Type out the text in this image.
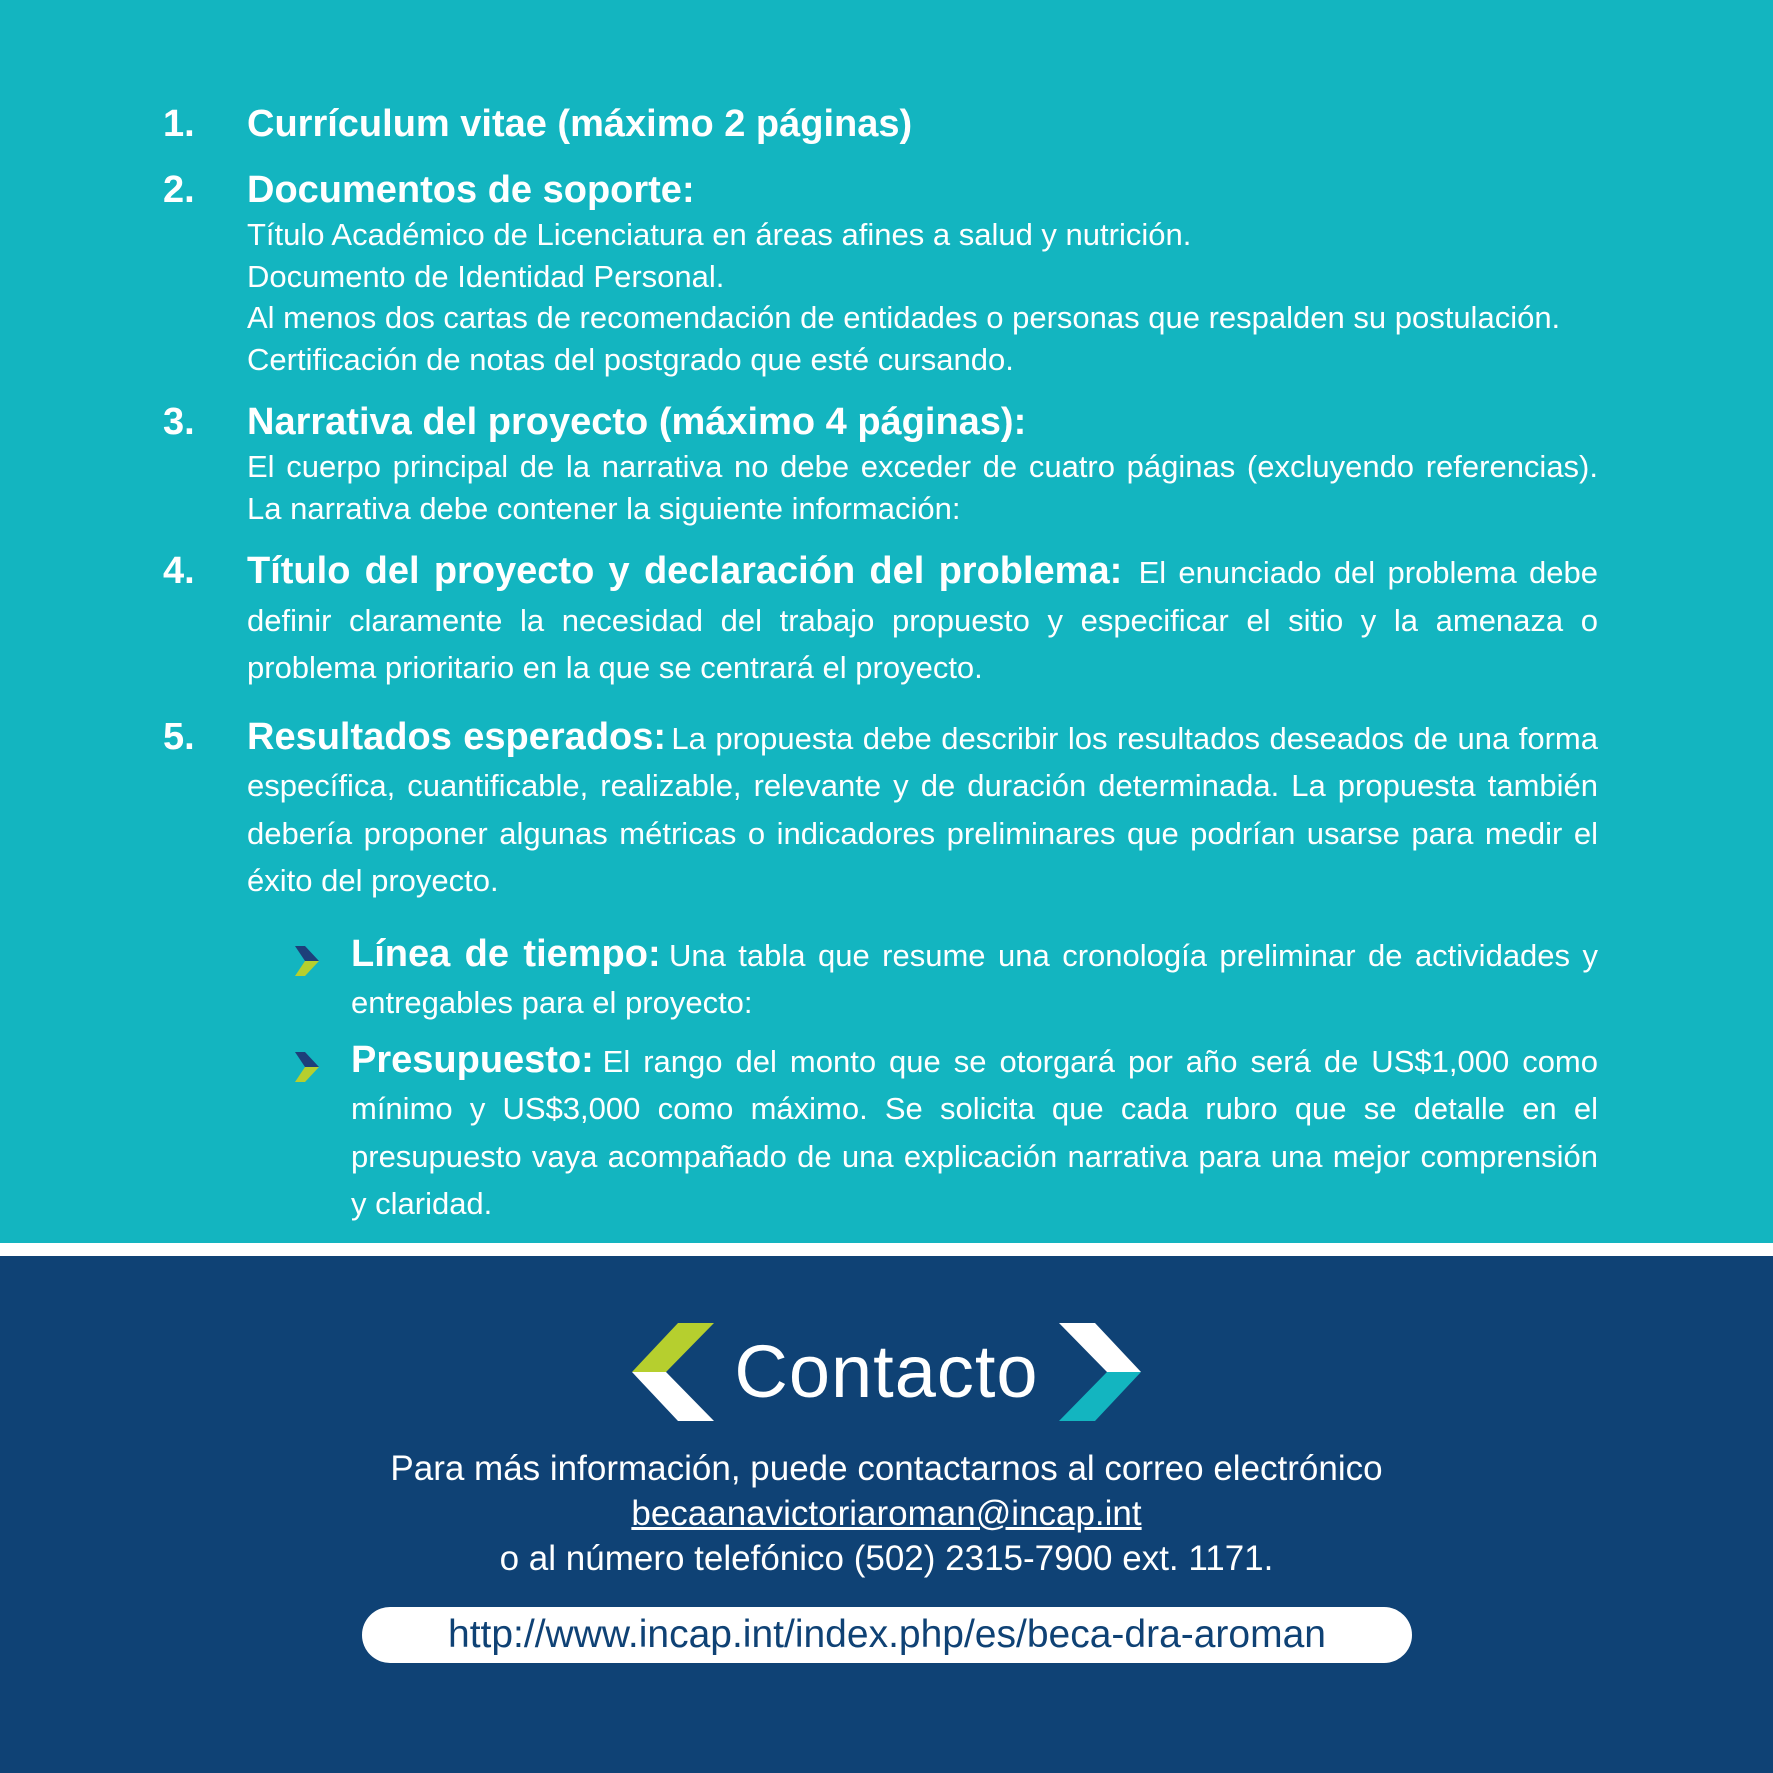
1. Currículum vitae (máximo 2 páginas)
2. Documentos de soporte:
Título Académico de Licenciatura en áreas afines a salud y nutrición.
Documento de Identidad Personal.
Al menos dos cartas de recomendación de entidades o personas que respalden su postulación.
Certificación de notas del postgrado que esté cursando.
3. Narrativa del proyecto (máximo 4 páginas):
El cuerpo principal de la narrativa no debe exceder de cuatro páginas (excluyendo referencias). La narrativa debe contener la siguiente información:
4. Título del proyecto y declaración del problema: El enunciado del problema debe definir claramente la necesidad del trabajo propuesto y especificar el sitio y la amenaza o problema prioritario en la que se centrará el proyecto.
5. Resultados esperados: La propuesta debe describir los resultados deseados de una forma específica, cuantificable, realizable, relevante y de duración determinada. La propuesta también debería proponer algunas métricas o indicadores preliminares que podrían usarse para medir el éxito del proyecto.
Línea de tiempo: Una tabla que resume una cronología preliminar de actividades y entregables para el proyecto:
Presupuesto: El rango del monto que se otorgará por año será de US$1,000 como mínimo y US$3,000 como máximo. Se solicita que cada rubro que se detalle en el presupuesto vaya acompañado de una explicación narrativa para una mejor comprensión y claridad.
Contacto
Para más información, puede contactarnos al correo electrónico
becaanavictoriaroman@incap.int
o al número telefónico (502) 2315-7900 ext. 1171.
http://www.incap.int/index.php/es/beca-dra-aroman
